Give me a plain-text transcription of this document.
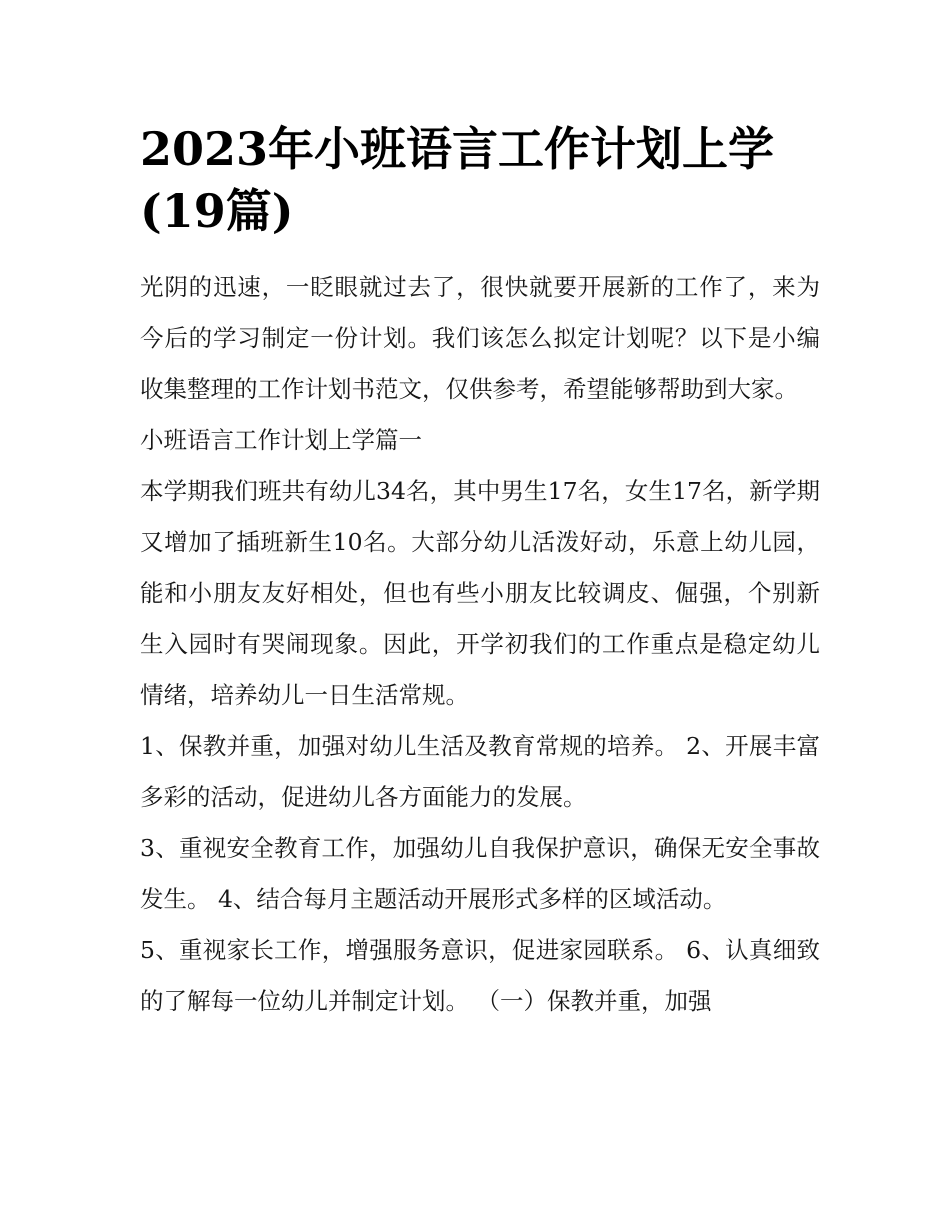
2023年小班语言工作计划上学(19篇)

光阴的迅速，一眨眼就过去了，很快就要开展新的工作了，来为今后的学习制定一份计划。我们该怎么拟定计划呢？以下是小编收集整理的工作计划书范文，仅供参考，希望能够帮助到大家。

小班语言工作计划上学篇一

本学期我们班共有幼儿34名，其中男生17名，女生17名，新学期又增加了插班新生10名。大部分幼儿活泼好动，乐意上幼儿园，能和小朋友友好相处，但也有些小朋友比较调皮、倔强，个别新生入园时有哭闹现象。因此，开学初我们的工作重点是稳定幼儿情绪，培养幼儿一日生活常规。

1、保教并重，加强对幼儿生活及教育常规的培养。 2、开展丰富多彩的活动，促进幼儿各方面能力的发展。

3、重视安全教育工作，加强幼儿自我保护意识，确保无安全事故发生。 4、结合每月主题活动开展形式多样的区域活动。

5、重视家长工作，增强服务意识，促进家园联系。 6、认真细致的了解每一位幼儿并制定计划。 （一）保教并重，加强
